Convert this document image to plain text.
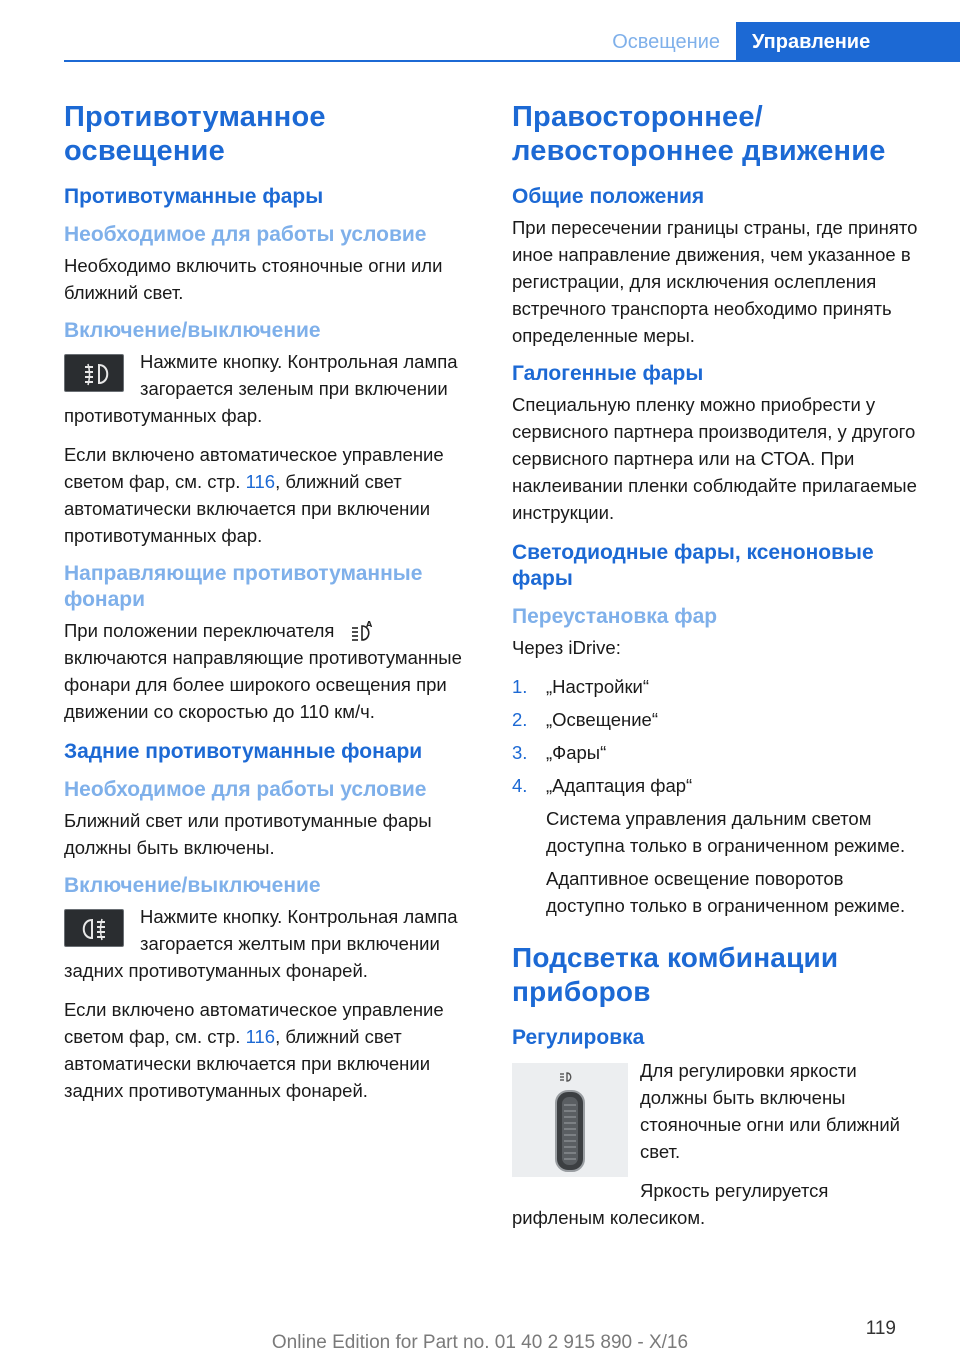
Освещение	Управление
Противотуманное освещение
Противотуманные фары
Необходимое для работы условие

Необходимо включить стояночные огни или ближний свет.

Включение/выключение

Нажмите кнопку. Контрольная лампа загорается зеленым при включении противотуманных фар.

Если включено автоматическое управление светом фар, см. стр. 116, ближний свет автоматически включается при включении противотуманных фар.

Направляющие противотуманные фонари

При положении переключателя	A
включаются направляющие противотуманные фонари для более широкого освещения при движении со скоростью до 110 км/ч.

Задние противотуманные фонари
Необходимое для работы условие

Ближний свет или противотуманные фары должны быть включены.

Включение/выключение

Нажмите кнопку. Контрольная лампа загорается желтым при включении задних противотуманных фонарей.

Если включено автоматическое управление светом фар, см. стр. 116, ближний свет автоматически включается при включении задних противотуманных фонарей.

Правостороннее/ левостороннее движение
Общие положения

При пересечении границы страны, где принято иное направление движения, чем указанное в регистрации, для исключения ослепления встречного транспорта необходимо принять определенные меры.

Галогенные фары

Специальную пленку можно приобрести у сервисного партнера производителя, у другого сервисного партнера или на СТОА. При наклеивании пленки соблюдайте прилагаемые инструкции.

Светодиодные фары, ксеноновые фары
Переустановка фар

Через iDrive:

1. „Настройки“
2. „Освещение“
3. „Фары“
4. „Адаптация фар“
Система управления дальним светом доступна только в ограниченном режиме.
Адаптивное освещение поворотов доступно только в ограниченном режиме.
Подсветка комбинации приборов
Регулировка

Для регулировки яркости должны быть включены стояночные огни или ближний свет.

Яркость регулируется рифленым колесиком.

119
Online Edition for Part no. 01 40 2 915 890 - X/16
